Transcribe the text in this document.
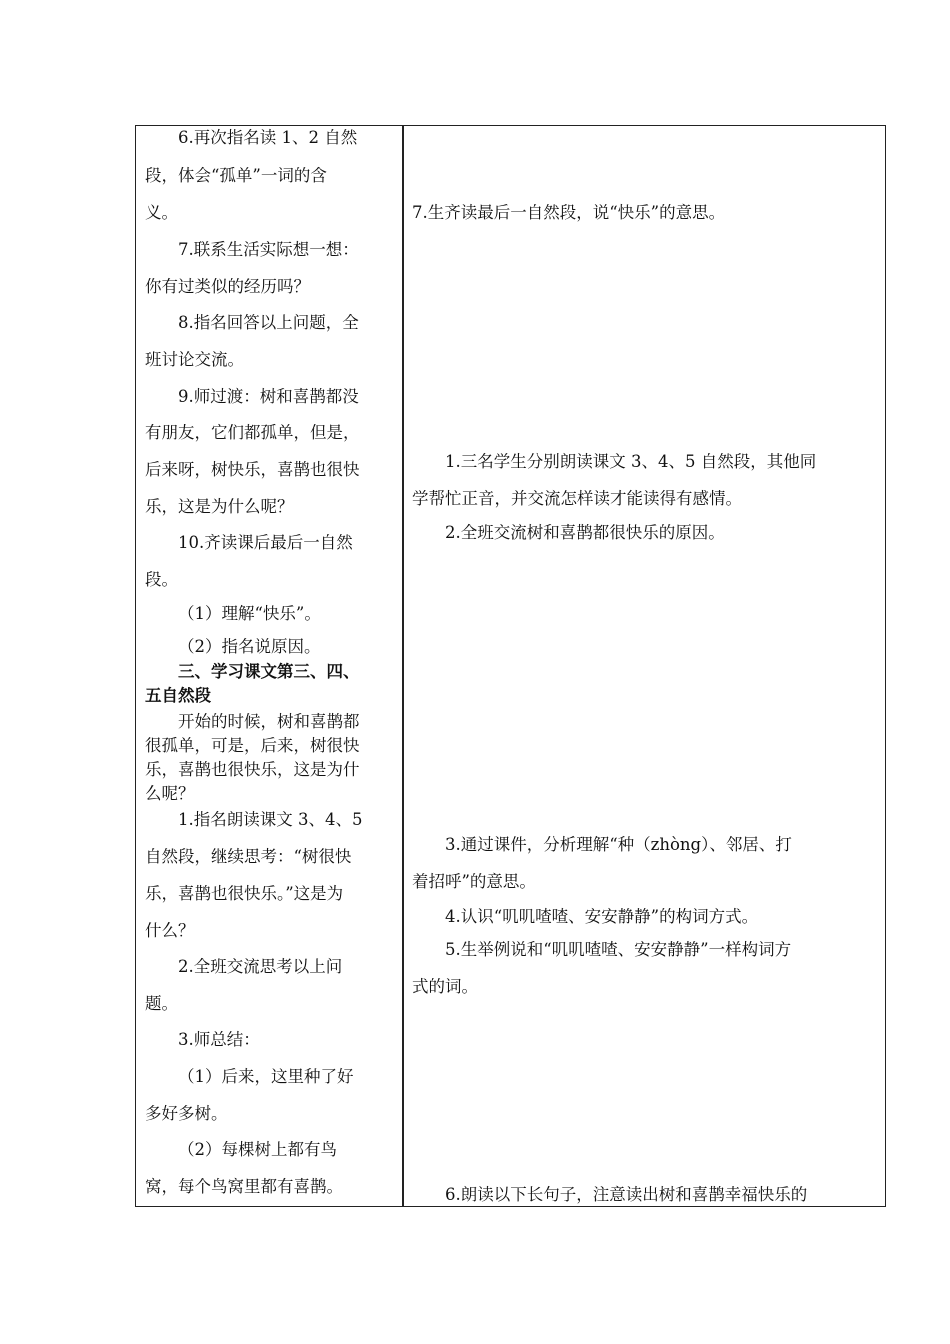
6.再次指名读 1、2 自然
段，体会“孤单”一词的含
义。
7.联系生活实际想一想：
你有过类似的经历吗？
8.指名回答以上问题，全
班讨论交流。
9.师过渡：树和喜鹊都没
有朋友，它们都孤单，但是，
后来呀，树快乐，喜鹊也很快
乐，这是为什么呢？
10.齐读课后最后一自然
段。
（1）理解“快乐”。
（2）指名说原因。
三、学习课文第三、四、
五自然段
开始的时候，树和喜鹊都
很孤单，可是，后来，树很快
乐，喜鹊也很快乐，这是为什
么呢？
1.指名朗读课文 3、4、5
自然段，继续思考：“树很快
乐，喜鹊也很快乐。”这是为
什么？
2.全班交流思考以上问
题。
3.师总结：
（1）后来，这里种了好
多好多树。
（2）每棵树上都有鸟
窝，每个鸟窝里都有喜鹊。
7.生齐读最后一自然段，说“快乐”的意思。
1.三名学生分别朗读课文 3、4、5 自然段，其他同
学帮忙正音，并交流怎样读才能读得有感情。
2.全班交流树和喜鹊都很快乐的原因。
3.通过课件，分析理解“种（zhòng）、邻居、打
着招呼”的意思。
4.认识“叽叽喳喳、安安静静”的构词方式。
5.生举例说和“叽叽喳喳、安安静静”一样构词方
式的词。
6.朗读以下长句子，注意读出树和喜鹊幸福快乐的
